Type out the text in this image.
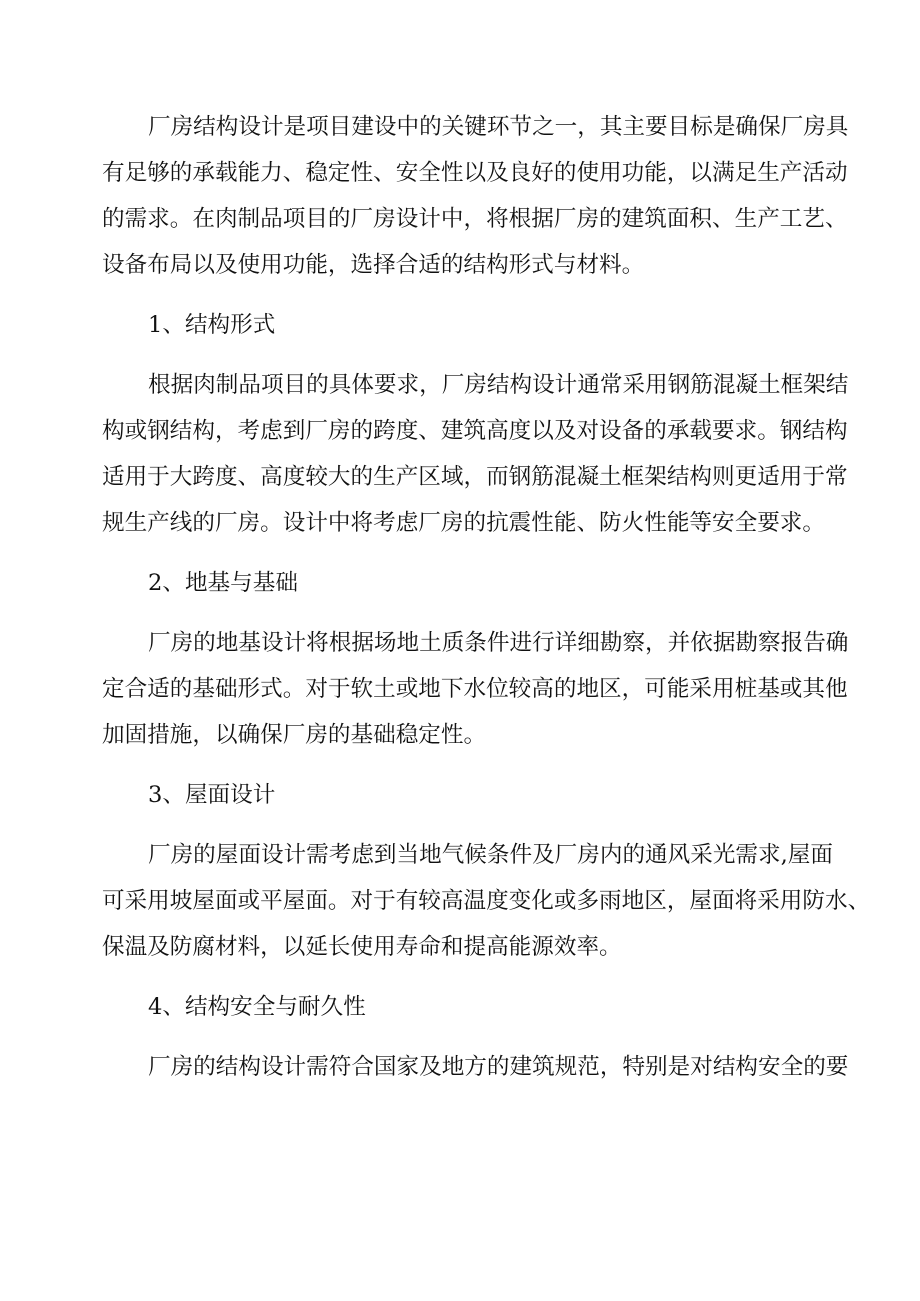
厂房结构设计是项目建设中的关键环节之一，其主要目标是确保厂房具
有足够的承载能力、稳定性、安全性以及良好的使用功能，以满足生产活动
的需求。在肉制品项目的厂房设计中，将根据厂房的建筑面积、生产工艺、
设备布局以及使用功能，选择合适的结构形式与材料。

1、结构形式

根据肉制品项目的具体要求，厂房结构设计通常采用钢筋混凝土框架结
构或钢结构，考虑到厂房的跨度、建筑高度以及对设备的承载要求。钢结构
适用于大跨度、高度较大的生产区域，而钢筋混凝土框架结构则更适用于常
规生产线的厂房。设计中将考虑厂房的抗震性能、防火性能等安全要求。

2、地基与基础

厂房的地基设计将根据场地土质条件进行详细勘察，并依据勘察报告确
定合适的基础形式。对于软土或地下水位较高的地区，可能采用桩基或其他
加固措施，以确保厂房的基础稳定性。

3、屋面设计

厂房的屋面设计需考虑到当地气候条件及厂房内的通风采光需求,屋面
可采用坡屋面或平屋面。对于有较高温度变化或多雨地区，屋面将采用防水、
保温及防腐材料，以延长使用寿命和提高能源效率。

4、结构安全与耐久性

厂房的结构设计需符合国家及地方的建筑规范，特别是对结构安全的要
